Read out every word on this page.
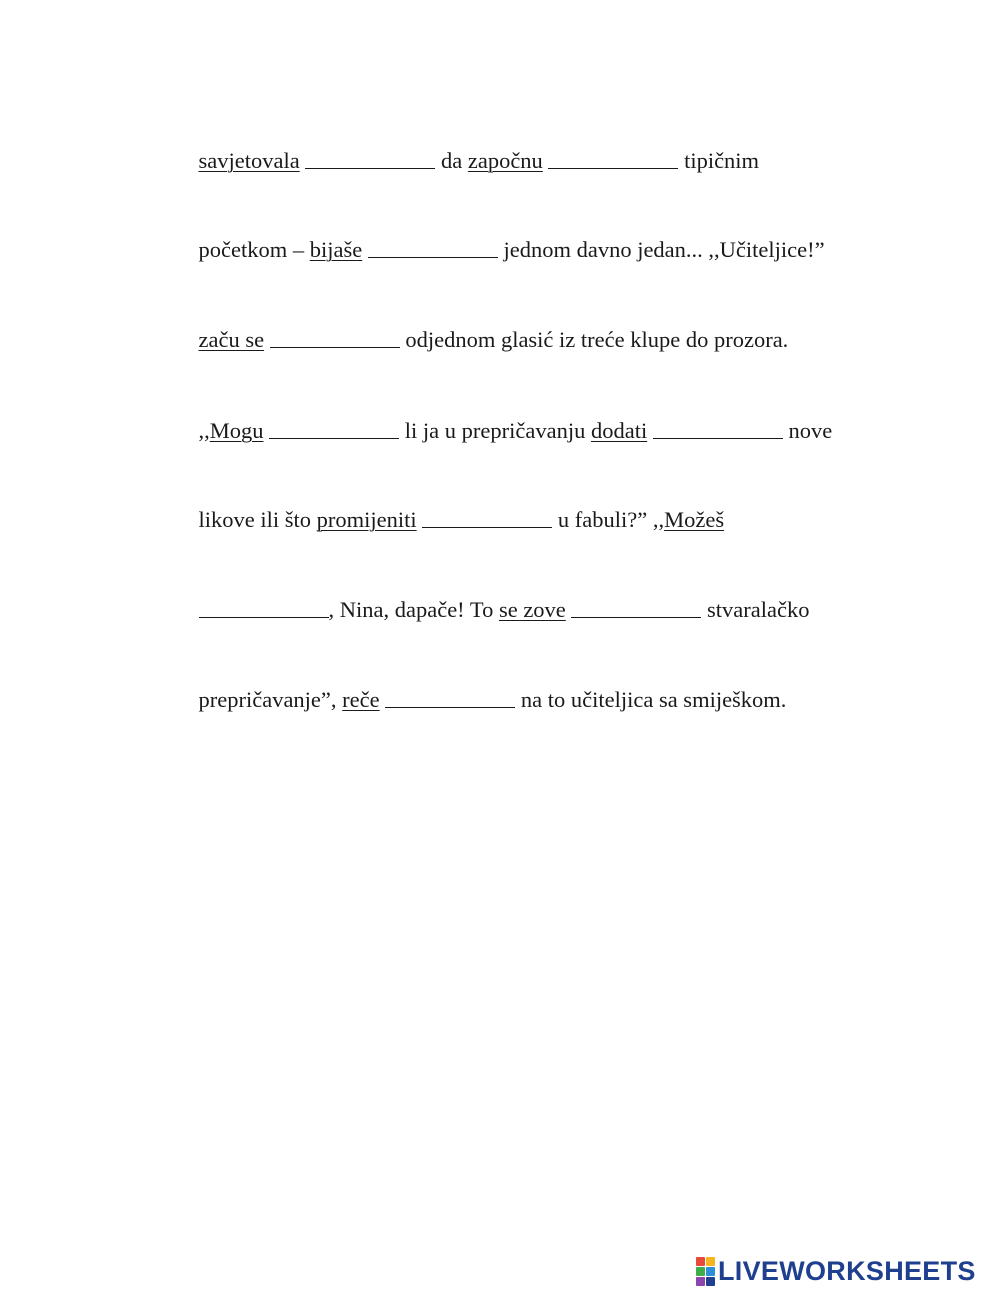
savjetovala	da započnu	tipičnim

početkom – bijaše	jednom davno jedan... ,,Učiteljice!”

začu se	odjednom glasić iz treće klupe do prozora.

,,Mogu	li ja u prepričavanju dodati	nove

likove ili što promijeniti	u fabuli?” ,,Možeš

, Nina, dapače! To se zove	stvaralačko

prepričavanje”, reče	na to učiteljica sa smiješkom.

LIVEWORKSHEETS
